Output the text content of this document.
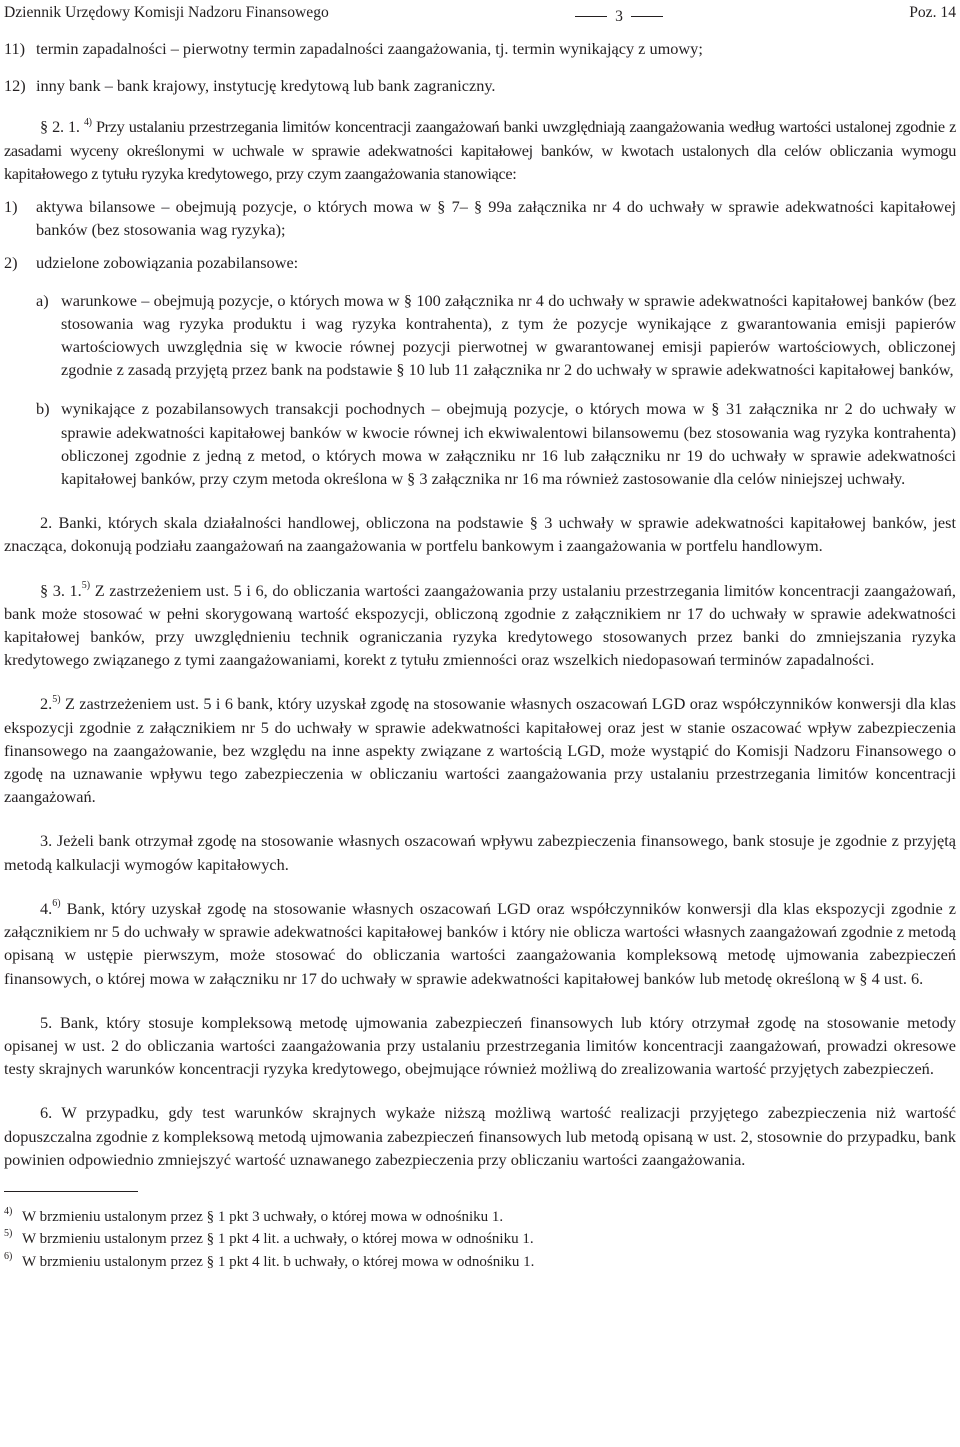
Dziennik Urzędowy Komisji Nadzoru Finansowego	3	Poz. 14
11) termin zapadalności – pierwotny termin zapadalności zaangażowania, tj. termin wynikający z umowy;
12) inny bank – bank krajowy, instytucję kredytową lub bank zagraniczny.

§ 2. 1. $^{4)}$ Przy ustalaniu przestrzegania limitów koncentracji zaangażowań banki uwzględniają zaangażowania według wartości ustalonej zgodnie z zasadami wyceny określonymi w uchwale w sprawie adekwatności kapitałowej banków, w kwotach ustalonych dla celów obliczania wymogu kapitałowego z tytułu ryzyka kredytowego, przy czym zaangażowania stanowiące:

1)	aktywa bilansowe – obejmują pozycje, o których mowa w § 7– § 99a załącznika nr 4 do uchwały w sprawie adekwatności kapitałowej banków (bez stosowania wag ryzyka);
2)	udzielone zobowiązania pozabilansowe:
a) warunkowe – obejmują pozycje, o których mowa w § 100 załącznika nr 4 do uchwały w sprawie adekwatności kapitałowej banków (bez stosowania wag ryzyka produktu i wag ryzyka kontrahenta), z tym że pozycje wynikające z gwarantowania emisji papierów wartościowych uwzględnia się w kwocie równej pozycji pierwotnej w gwarantowanej emisji papierów wartościowych, obliczonej zgodnie z zasadą przyjętą przez bank na podstawie § 10 lub 11 załącznika nr 2 do uchwały w sprawie adekwatności kapitałowej banków,
b) wynikające z pozabilansowych transakcji pochodnych – obejmują pozycje, o których mowa w § 31 załącznika nr 2 do uchwały w sprawie adekwatności kapitałowej banków w kwocie równej ich ekwiwalentowi bilansowemu (bez stosowania wag ryzyka kontrahenta) obliczonej zgodnie z jedną z metod, o których mowa w załączniku nr 16 lub załączniku nr 19 do uchwały w sprawie adekwatności kapitałowej banków, przy czym metoda określona w § 3 załącznika nr 16 ma również zastosowanie dla celów niniejszej uchwały.

2. Banki, których skala działalności handlowej, obliczona na podstawie § 3 uchwały w sprawie adekwatności kapitałowej banków, jest znacząca, dokonują podziału zaangażowań na zaangażowania w portfelu bankowym i zaangażowania w portfelu handlowym.

§ 3. 1.$^{5)}$ Z zastrzeżeniem ust. 5 i 6, do obliczania wartości zaangażowania przy ustalaniu przestrzegania limitów koncentracji zaangażowań, bank może stosować w pełni skorygowaną wartość ekspozycji, obliczoną zgodnie z załącznikiem nr 17 do uchwały w sprawie adekwatności kapitałowej banków, przy uwzględnieniu technik ograniczania ryzyka kredytowego stosowanych przez banki do zmniejszania ryzyka kredytowego związanego z tymi zaangażowaniami, korekt z tytułu zmienności oraz wszelkich niedopasowań terminów zapadalności.

2.$^{5)}$ Z zastrzeżeniem ust. 5 i 6 bank, który uzyskał zgodę na stosowanie własnych oszacowań LGD oraz współczynników konwersji dla klas ekspozycji zgodnie z załącznikiem nr 5 do uchwały w sprawie adekwatności kapitałowej oraz jest w stanie oszacować wpływ zabezpieczenia finansowego na zaangażowanie, bez względu na inne aspekty związane z wartością LGD, może wystąpić do Komisji Nadzoru Finansowego o zgodę na uznawanie wpływu tego zabezpieczenia w obliczaniu wartości zaangażowania przy ustalaniu przestrzegania limitów koncentracji zaangażowań.

3. Jeżeli bank otrzymał zgodę na stosowanie własnych oszacowań wpływu zabezpieczenia finansowego, bank stosuje je zgodnie z przyjętą metodą kalkulacji wymogów kapitałowych.

4.$^{6)}$ Bank, który uzyskał zgodę na stosowanie własnych oszacowań LGD oraz współczynników konwersji dla klas ekspozycji zgodnie z załącznikiem nr 5 do uchwały w sprawie adekwatności kapitałowej banków i który nie oblicza wartości własnych zaangażowań zgodnie z metodą opisaną w ustępie pierwszym, może stosować do obliczania wartości zaangażowania kompleksową metodę ujmowania zabezpieczeń finansowych, o której mowa w załączniku nr 17 do uchwały w sprawie adekwatności kapitałowej banków lub metodę określoną w § 4 ust. 6.

5. Bank, który stosuje kompleksową metodę ujmowania zabezpieczeń finansowych lub który otrzymał zgodę na stosowanie metody opisanej w ust. 2 do obliczania wartości zaangażowania przy ustalaniu przestrzegania limitów koncentracji zaangażowań, prowadzi okresowe testy skrajnych warunków koncentracji ryzyka kredytowego, obejmujące również możliwą do zrealizowania wartość przyjętych zabezpieczeń.

6. W przypadku, gdy test warunków skrajnych wykaże niższą możliwą wartość realizacji przyjętego zabezpieczenia niż wartość dopuszczalna zgodnie z kompleksową metodą ujmowania zabezpieczeń finansowych lub metodą opisaną w ust. 2, stosownie do przypadku, bank powinien odpowiednio zmniejszyć wartość uznawanego zabezpieczenia przy obliczaniu wartości zaangażowania.

$^{4)}$ W brzmieniu ustalonym przez § 1 pkt 3 uchwały, o której mowa w odnośniku 1.
$^{5)}$ W brzmieniu ustalonym przez § 1 pkt 4 lit. a uchwały, o której mowa w odnośniku 1.
$^{6)}$ W brzmieniu ustalonym przez § 1 pkt 4 lit. b uchwały, o której mowa w odnośniku 1.
